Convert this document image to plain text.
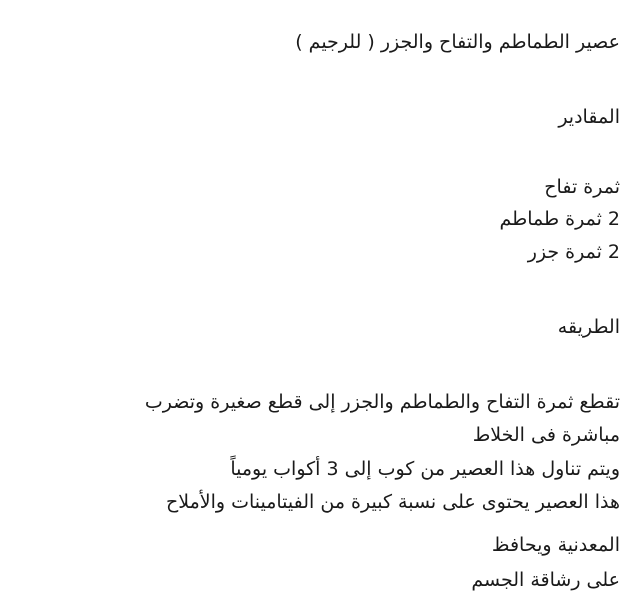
عصير الطماطم والتفاح والجزر ( للرجيم )
المقادير
ثمرة تفاح
2 ثمرة طماطم
2 ثمرة جزر
الطريقه
تقطع ثمرة التفاح والطماطم والجزر إلى قطع صغيرة وتضرب
مباشرة فى الخلاط
ويتم تناول هذا العصير من كوب إلى 3 أكواب يومياً
هذا العصير يحتوى على نسبة كبيرة من الفيتامينات والأملاح
المعدنية ويحافظ
على رشاقة الجسم
